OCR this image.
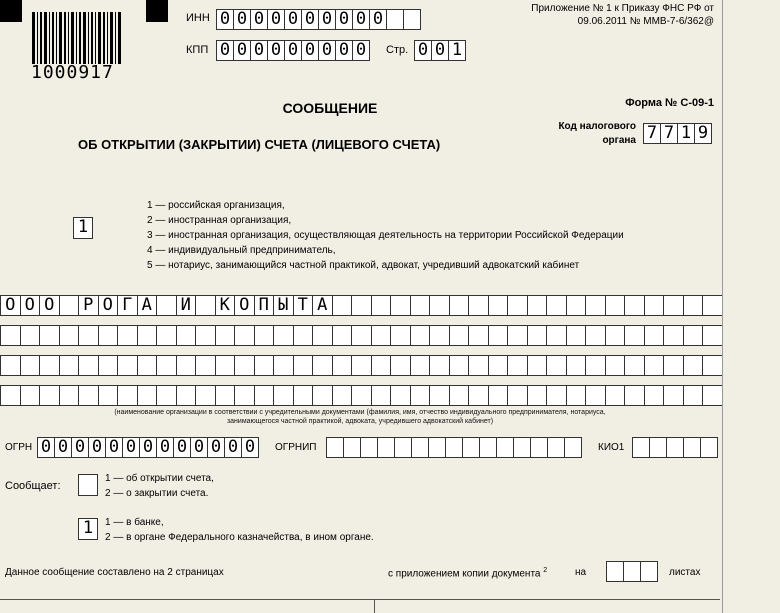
1000917
ИНН 0 0 0 0 0 0 0 0 0 0
КПП 0 0 0 0 0 0 0 0 0	Стр. 0 0 1
Приложение № 1 к Приказу ФНС РФ от
09.06.2011 № ММВ-7-6/362@
СООБЩЕНИЕ
ОБ ОТКРЫТИИ (ЗАКРЫТИИ) СЧЕТА (ЛИЦЕВОГО СЧЕТА)
Форма № С-09-1
Код налогового
органа 7 7 1 9
1
1 — российская организация,
2 — иностранная организация,
3 — иностранная организация, осуществляющая деятельность на территории Российской Федерации
4 — индивидуальный предприниматель,
5 — нотариус, занимающийся частной практикой, адвокат, учредивший адвокатский кабинет
О О О	Р О Г А	И	К О П Ы Т А
(наименование организации в соответствии с учредительными документами (фамилия, имя, отчество индивидуального предпринимателя, нотариуса,
занимающегося частной практикой, адвоката, учредившего адвокатский кабинет)
ОГРН 0 0 0 0 0 0 0 0 0 0 0 0 0	ОГРНИП	КИО1
Сообщает:
1 — об открытии счета,
2 — о закрытии счета.
1	1 — в банке,
2 — в органе Федерального казначейства, в ином органе.
Данное сообщение составлено на 2 страницах	с приложением копии документа $^2$	на	листах
